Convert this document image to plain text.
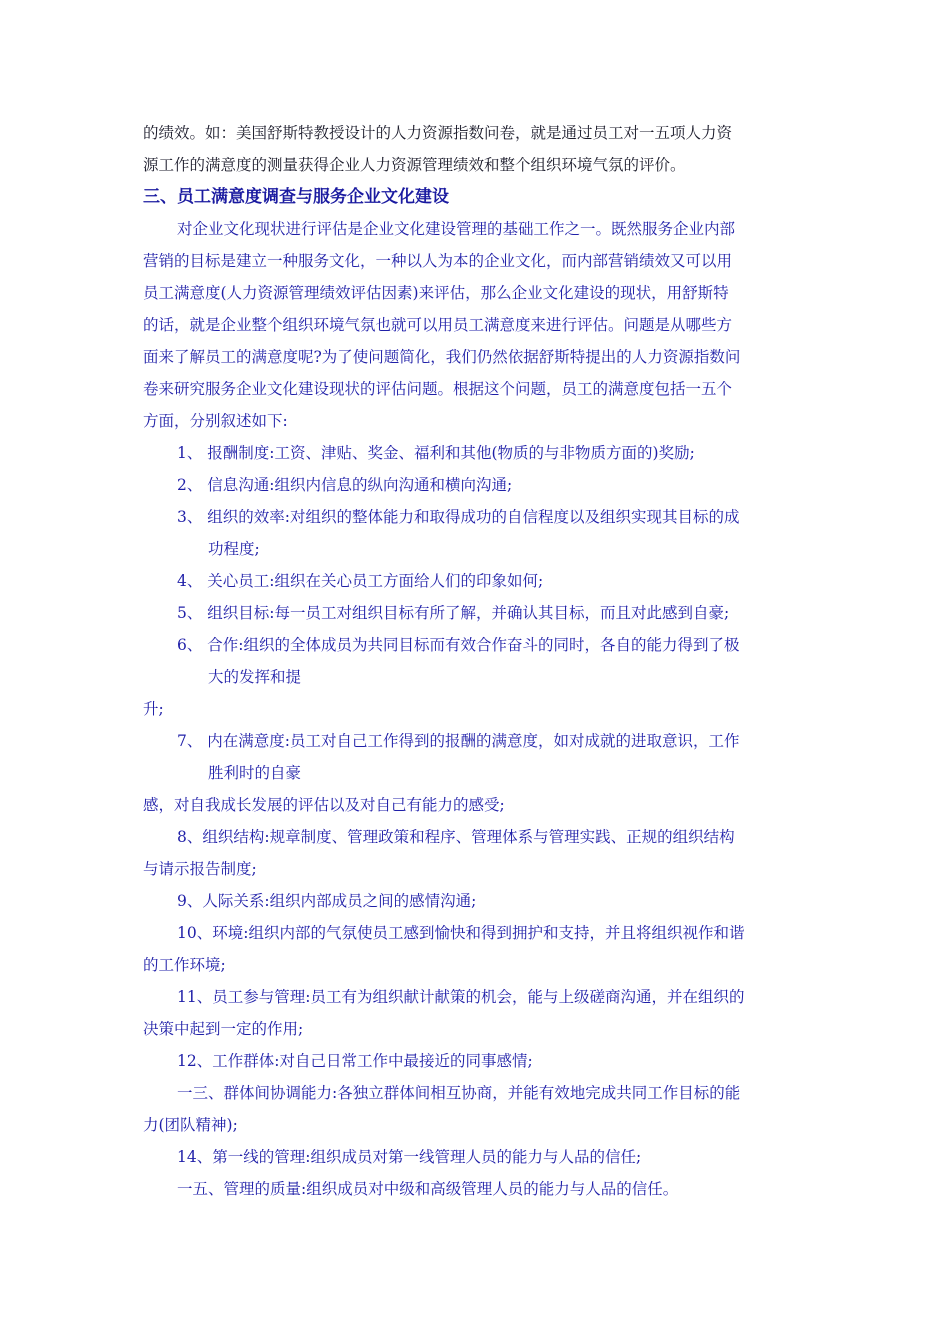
的绩效。如：美国舒斯特教授设计的人力资源指数问卷，就是通过员工对一五项人力资
源工作的满意度的测量获得企业人力资源管理绩效和整个组织环境气氛的评价。
三、员工满意度调查与服务企业文化建设
对企业文化现状进行评估是企业文化建设管理的基础工作之一。既然服务企业内部
营销的目标是建立一种服务文化，一种以人为本的企业文化，而内部营销绩效又可以用
员工满意度(人力资源管理绩效评估因素)来评估，那么企业文化建设的现状，用舒斯特
的话，就是企业整个组织环境气氛也就可以用员工满意度来进行评估。问题是从哪些方
面来了解员工的满意度呢?为了使问题简化，我们仍然依据舒斯特提出的人力资源指数问
卷来研究服务企业文化建设现状的评估问题。根据这个问题，员工的满意度包括一五个
方面，分别叙述如下:
1、 报酬制度:工资、津贴、奖金、福利和其他(物质的与非物质方面的)奖励;
2、 信息沟通:组织内信息的纵向沟通和横向沟通;
3、 组织的效率:对组织的整体能力和取得成功的自信程度以及组织实现其目标的成
功程度;
4、 关心员工:组织在关心员工方面给人们的印象如何;
5、 组织目标:每一员工对组织目标有所了解，并确认其目标，而且对此感到自豪;
6、 合作:组织的全体成员为共同目标而有效合作奋斗的同时，各自的能力得到了极
大的发挥和提
升;
7、 内在满意度:员工对自己工作得到的报酬的满意度，如对成就的进取意识，工作
胜利时的自豪
感，对自我成长发展的评估以及对自己有能力的感受;
8、组织结构:规章制度、管理政策和程序、管理体系与管理实践、正规的组织结构
与请示报告制度;
9、人际关系:组织内部成员之间的感情沟通;
10、环境:组织内部的气氛使员工感到愉快和得到拥护和支持，并且将组织视作和谐
的工作环境;
11、员工参与管理:员工有为组织献计献策的机会，能与上级磋商沟通，并在组织的
决策中起到一定的作用;
12、工作群体:对自己日常工作中最接近的同事感情;
一三、群体间协调能力:各独立群体间相互协商，并能有效地完成共同工作目标的能
力(团队精神);
14、第一线的管理:组织成员对第一线管理人员的能力与人品的信任;
一五、管理的质量:组织成员对中级和高级管理人员的能力与人品的信任。
